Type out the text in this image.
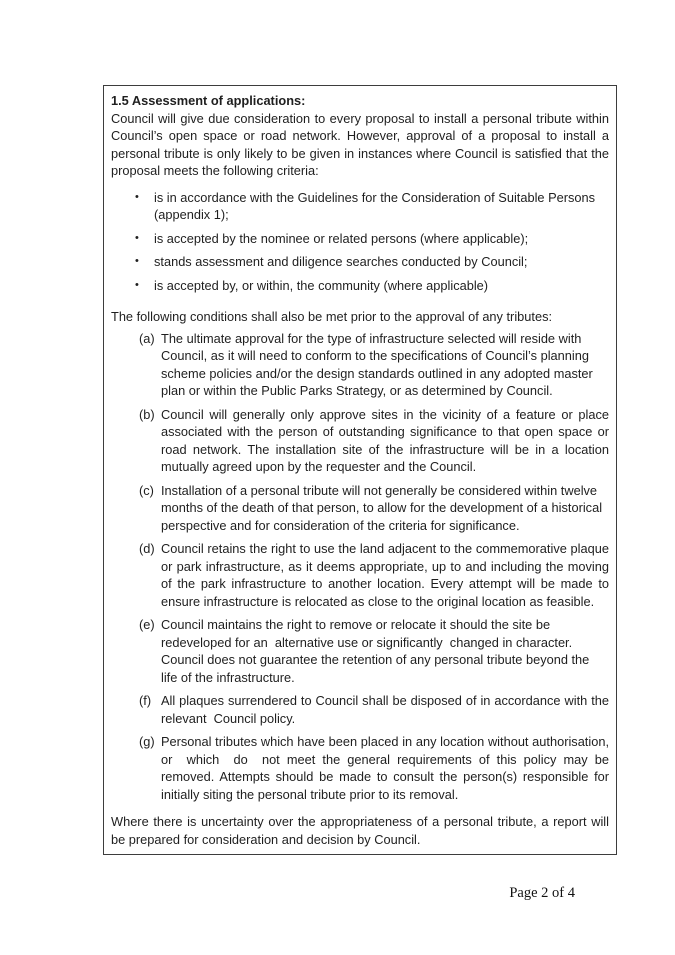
1.5 Assessment of applications:

Council will give due consideration to every proposal to install a personal tribute within Council’s open space or road network. However, approval of a proposal to install a personal tribute is only likely to be given in instances where Council is satisfied that the proposal meets the following criteria:

•	is in accordance with the Guidelines for the Consideration of Suitable Persons (appendix 1);
•	is accepted by the nominee or related persons (where applicable);
•	stands assessment and diligence searches conducted by Council;
•	is accepted by, or within, the community (where applicable)

The following conditions shall also be met prior to the approval of any tributes:

(a) The ultimate approval for the type of infrastructure selected will reside with Council, as it will need to conform to the specifications of Council’s planning scheme policies and/or the design standards outlined in any adopted master plan or within the Public Parks Strategy, or as determined by Council.
(b) Council will generally only approve sites in the vicinity of a feature or place associated with the person of outstanding significance to that open space or road network. The installation site of the infrastructure will be in a location mutually agreed upon by the requester and the Council.
(c) Installation of a personal tribute will not generally be considered within twelve months of the death of that person, to allow for the development of a historical perspective and for consideration of the criteria for significance.
(d) Council retains the right to use the land adjacent to the commemorative plaque or park infrastructure, as it deems appropriate, up to and including the moving of the park infrastructure to another location. Every attempt will be made to ensure infrastructure is relocated as close to the original location as feasible.
(e) Council maintains the right to remove or relocate it should the site be redeveloped for an  alternative use or significantly  changed in character. Council does not guarantee the retention of any personal tribute beyond the life of the infrastructure.
(f) All plaques surrendered to Council shall be disposed of in accordance with the relevant  Council policy.
(g) Personal tributes which have been placed in any location without authorisation, or  which  do  not meet the general requirements of this policy may be removed. Attempts should be made to consult the person(s) responsible for initially siting the personal tribute prior to its removal.

Where there is uncertainty over the appropriateness of a personal tribute, a report will be prepared for consideration and decision by Council.

Page 2 of 4
